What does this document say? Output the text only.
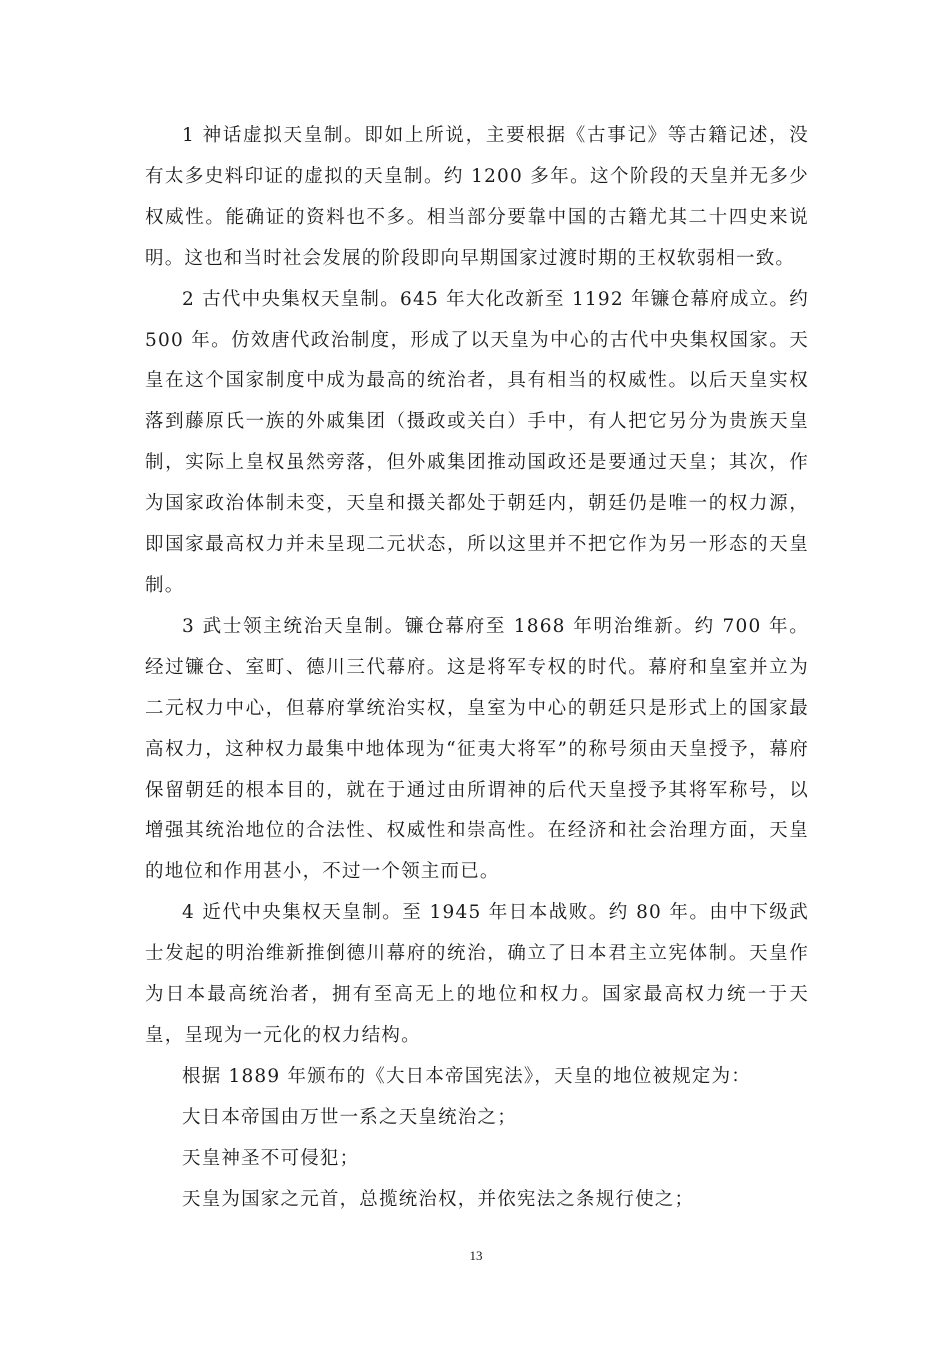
1 神话虚拟天皇制。即如上所说，主要根据《古事记》等古籍记述，没有太多史料印证的虚拟的天皇制。约 1200 多年。这个阶段的天皇并无多少权威性。能确证的资料也不多。相当部分要靠中国的古籍尤其二十四史来说明。这也和当时社会发展的阶段即向早期国家过渡时期的王权软弱相一致。

2 古代中央集权天皇制。645 年大化改新至 1192 年镰仓幕府成立。约 500 年。仿效唐代政治制度，形成了以天皇为中心的古代中央集权国家。天皇在这个国家制度中成为最高的统治者，具有相当的权威性。以后天皇实权落到藤原氏一族的外戚集团（摄政或关白）手中，有人把它另分为贵族天皇制，实际上皇权虽然旁落，但外戚集团推动国政还是要通过天皇；其次，作为国家政治体制未变，天皇和摄关都处于朝廷内，朝廷仍是唯一的权力源，即国家最高权力并未呈现二元状态，所以这里并不把它作为另一形态的天皇制。

3 武士领主统治天皇制。镰仓幕府至 1868 年明治维新。约 700 年。经过镰仓、室町、德川三代幕府。这是将军专权的时代。幕府和皇室并立为二元权力中心，但幕府掌统治实权，皇室为中心的朝廷只是形式上的国家最高权力，这种权力最集中地体现为“征夷大将军”的称号须由天皇授予，幕府保留朝廷的根本目的，就在于通过由所谓神的后代天皇授予其将军称号，以增强其统治地位的合法性、权威性和崇高性。在经济和社会治理方面，天皇的地位和作用甚小，不过一个领主而已。

4 近代中央集权天皇制。至 1945 年日本战败。约 80 年。由中下级武士发起的明治维新推倒德川幕府的统治，确立了日本君主立宪体制。天皇作为日本最高统治者，拥有至高无上的地位和权力。国家最高权力统一于天皇，呈现为一元化的权力结构。

根据 1889 年颁布的《大日本帝国宪法》，天皇的地位被规定为：

大日本帝国由万世一系之天皇统治之；

天皇神圣不可侵犯；

天皇为国家之元首，总揽统治权，并依宪法之条规行使之；

13
